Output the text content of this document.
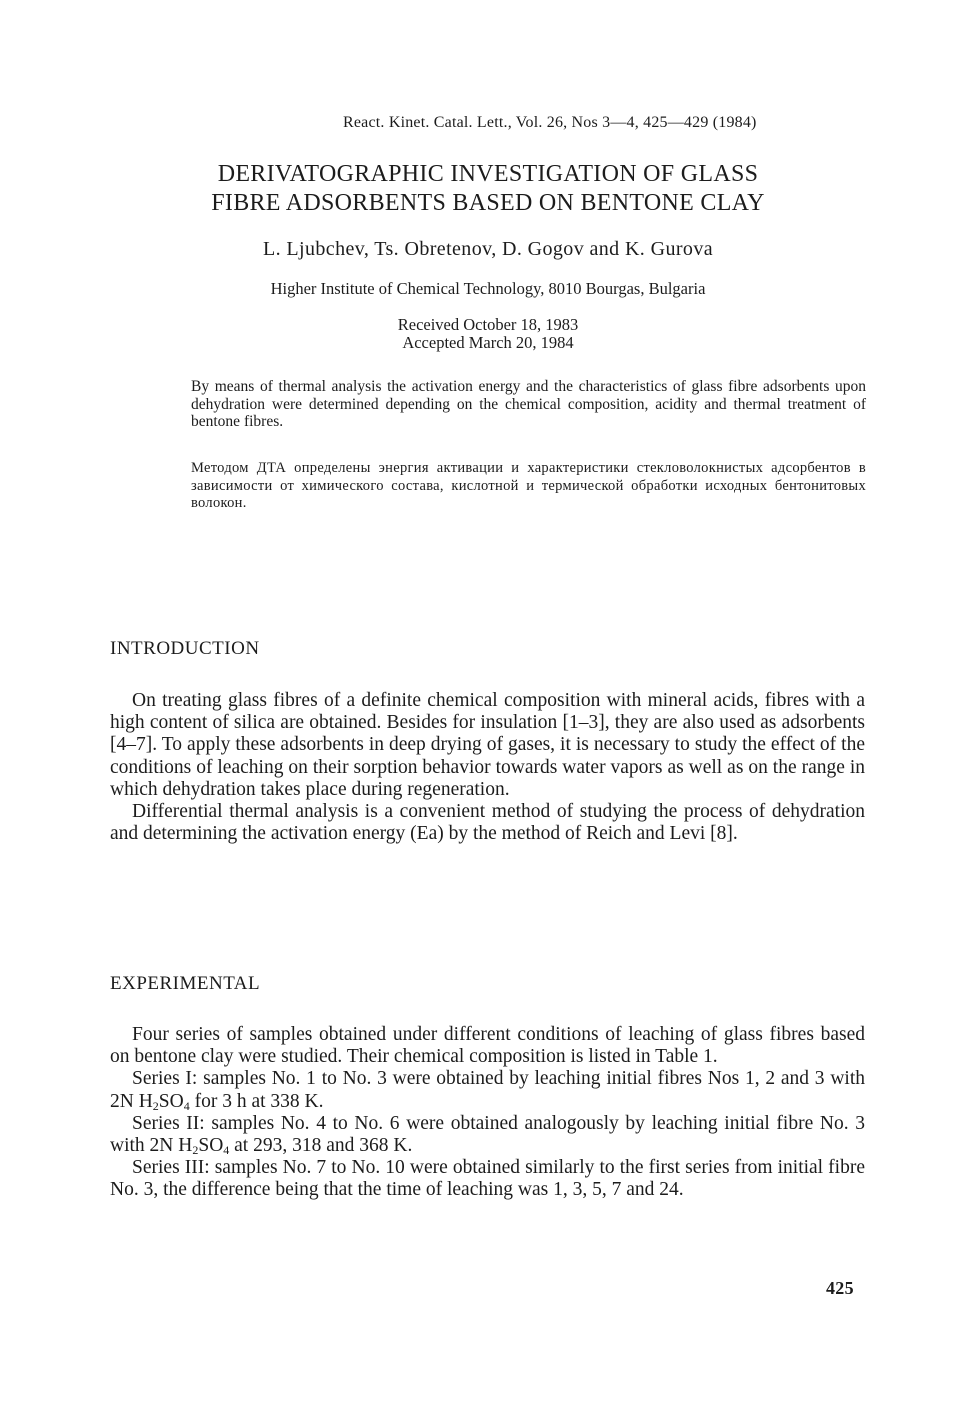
React. Kinet. Catal. Lett., Vol. 26, Nos 3—4, 425—429 (1984)
DERIVATOGRAPHIC INVESTIGATION OF GLASS
FIBRE ADSORBENTS BASED ON BENTONE CLAY
L. Ljubchev, Ts. Obretenov, D. Gogov and K. Gurova
Higher Institute of Chemical Technology, 8010 Bourgas, Bulgaria
Received October 18, 1983
Accepted March 20, 1984
By means of thermal analysis the activation energy and the characteristics of glass fibre adsorbents upon dehydration were determined depending on the chemical composition, acidity and thermal treatment of bentone fibres.
Методом ДТА определены энергия активации и характеристики стекловолокнистых адсорбентов в зависимости от химического состава, кислотной и термической обработки исходных бентонитовых волокон.
INTRODUCTION

On treating glass fibres of a definite chemical composition with mineral acids, fibres with a high content of silica are obtained. Besides for insulation [1–3], they are also used as adsorbents [4–7]. To apply these adsorbents in deep drying of gases, it is necessary to study the effect of the conditions of leaching on their sorption behavior towards water vapors as well as on the range in which dehydration takes place during regeneration.

Differential thermal analysis is a convenient method of studying the process of dehydration and determining the activation energy (Ea) by the method of Reich and Levi [8].

EXPERIMENTAL

Four series of samples obtained under different conditions of leaching of glass fibres based on bentone clay were studied. Their chemical composition is listed in Table 1.

Series I: samples No. 1 to No. 3 were obtained by leaching initial fibres Nos 1, 2 and 3 with 2N $H_2SO_4$ for 3 h at 338 K.

Series II: samples No. 4 to No. 6 were obtained analogously by leaching initial fibre No. 3 with 2N $H_2SO_4$ at 293, 318 and 368 K.

Series III: samples No. 7 to No. 10 were obtained similarly to the first series from initial fibre No. 3, the difference being that the time of leaching was 1, 3, 5, 7 and 24.

425
